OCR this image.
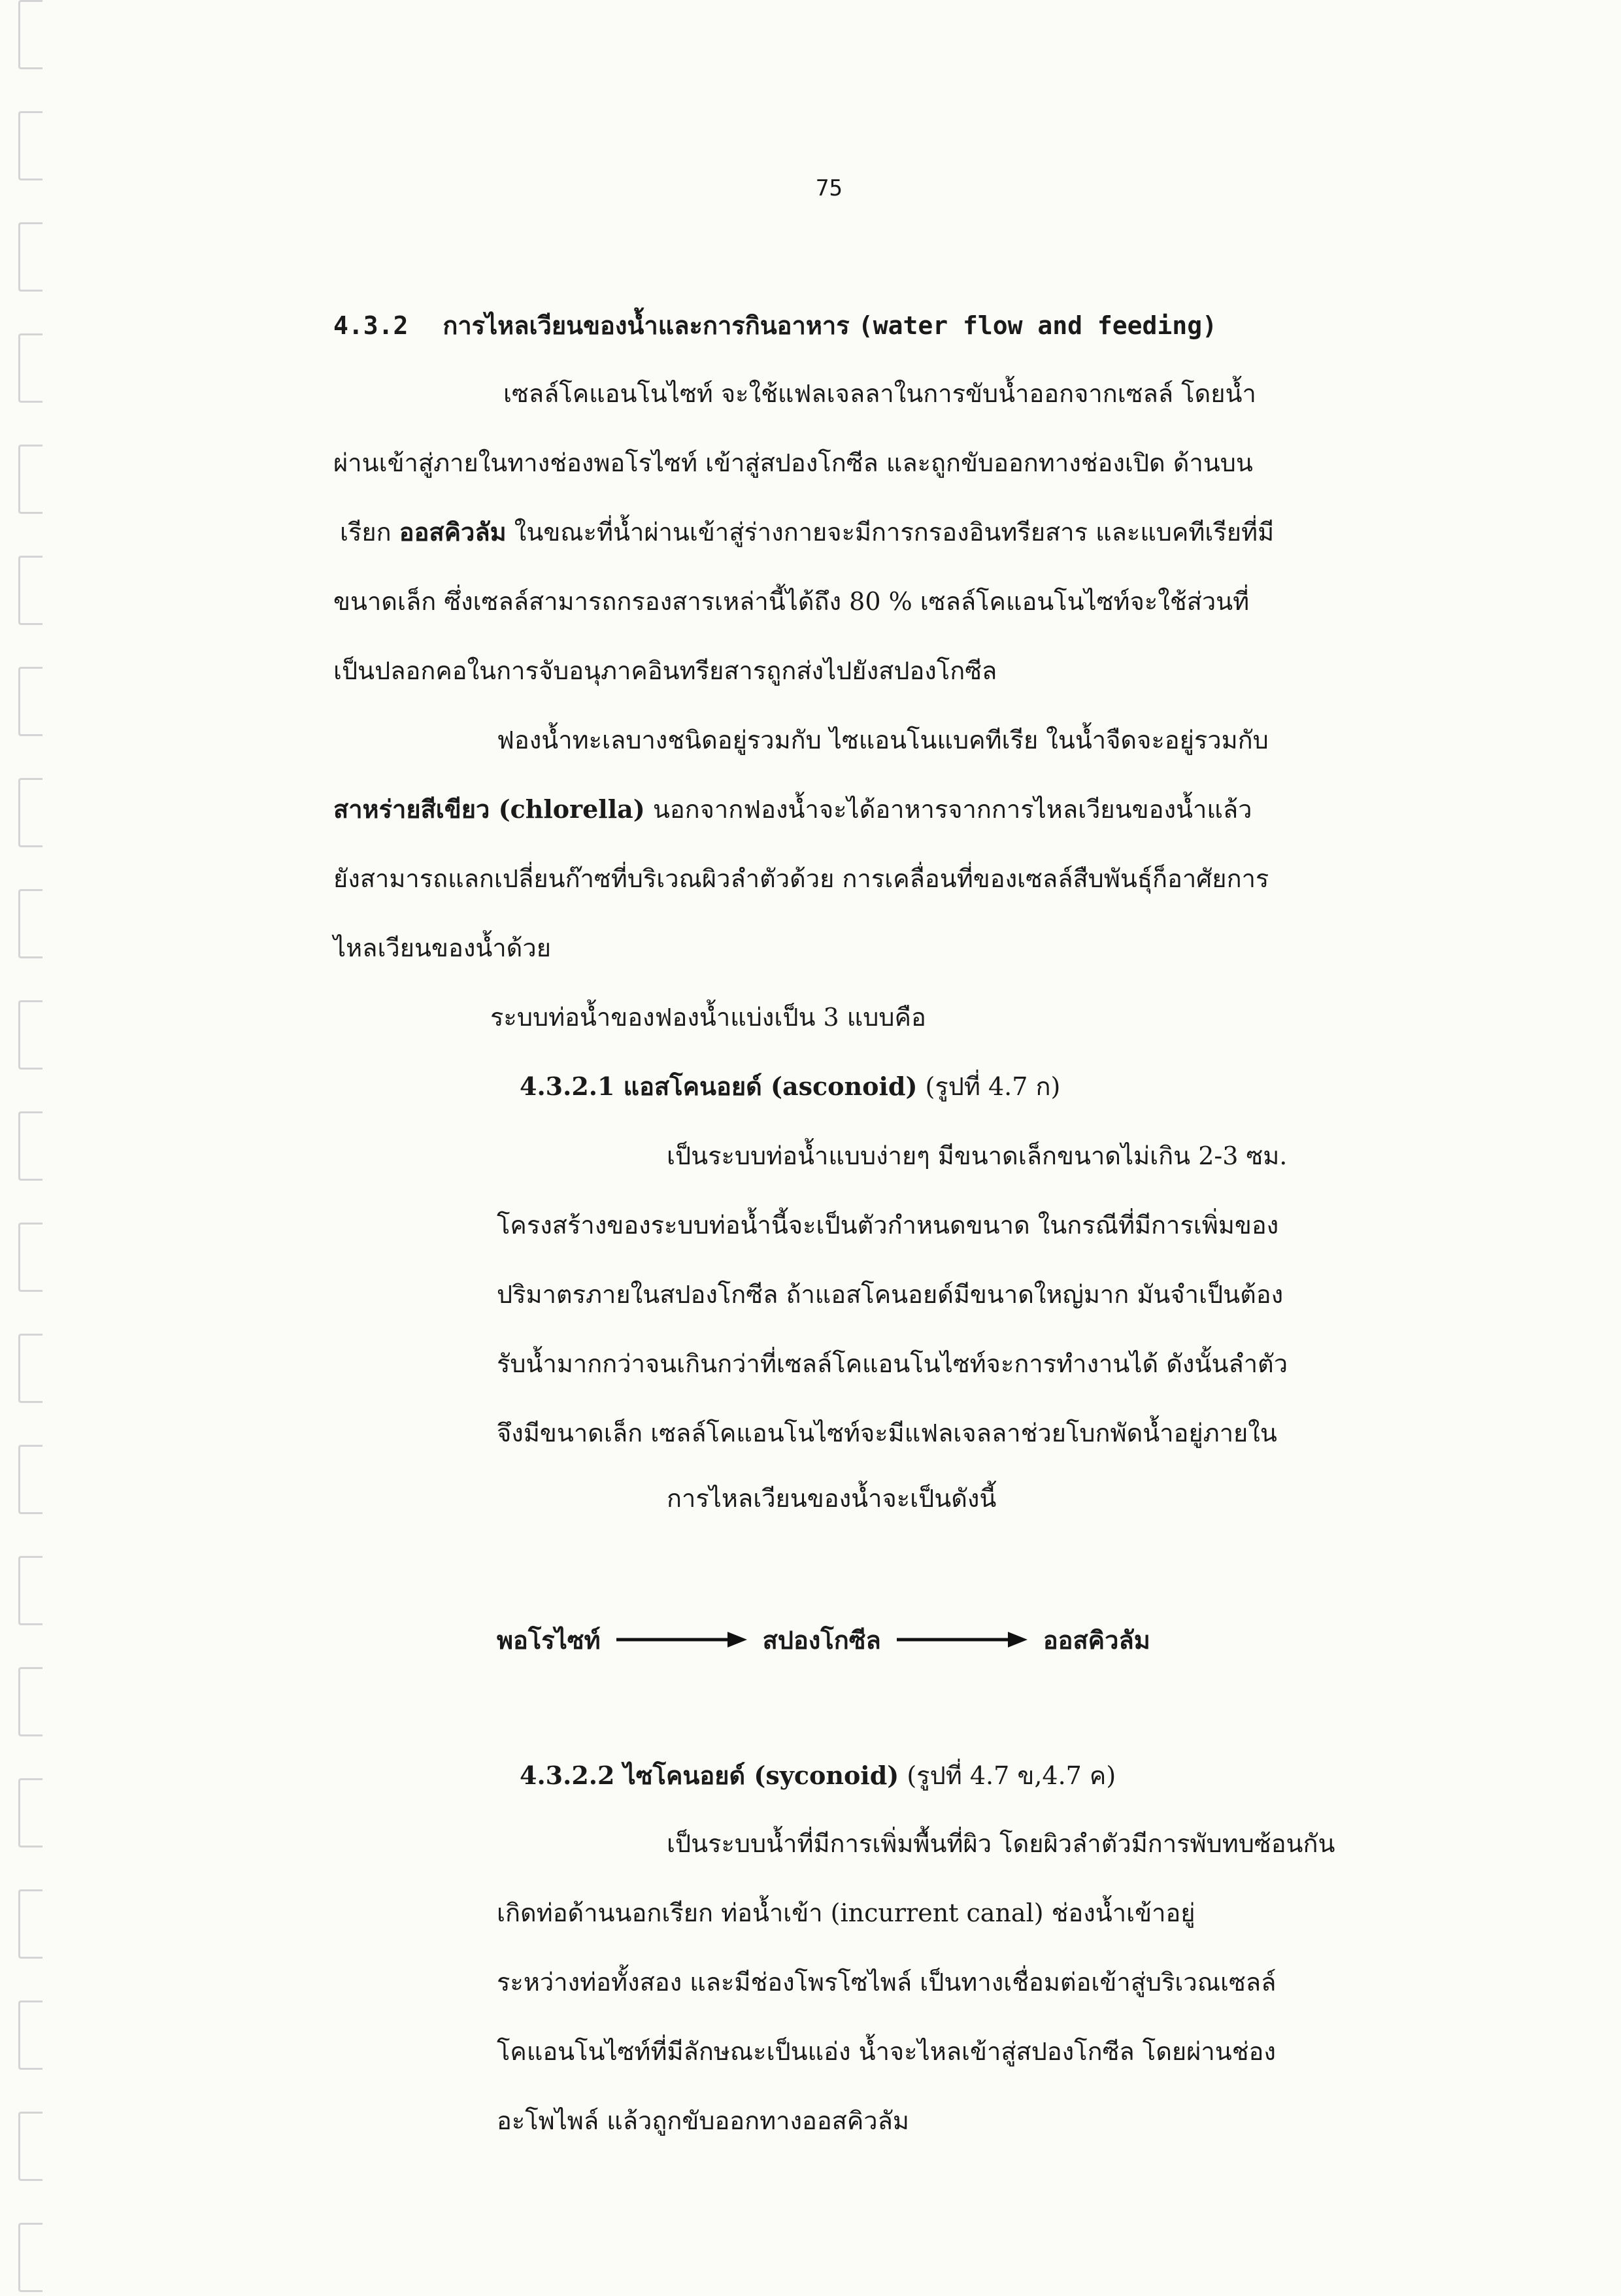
75
4.3.2 การไหลเวียนของน้ำและการกินอาหาร (water flow and feeding)
เซลล์โคแอนโนไซท์ จะใช้แฟลเจลลาในการขับน้ำออกจากเซลล์ โดยน้ำ
ผ่านเข้าสู่ภายในทางช่องพอโรไซท์ เข้าสู่สปองโกซีล และถูกขับออกทางช่องเปิด ด้านบน
เรียก ออสคิวลัม ในขณะที่น้ำผ่านเข้าสู่ร่างกายจะมีการกรองอินทรียสาร และแบคทีเรียที่มี
ขนาดเล็ก ซึ่งเซลล์สามารถกรองสารเหล่านี้ได้ถึง 80 % เซลล์โคแอนโนไซท์จะใช้ส่วนที่
เป็นปลอกคอในการจับอนุภาคอินทรียสารถูกส่งไปยังสปองโกซีล
ฟองน้ำทะเลบางชนิดอยู่รวมกับ ไซแอนโนแบคทีเรีย ในน้ำจืดจะอยู่รวมกับ
สาหร่ายสีเขียว (chlorella) นอกจากฟองน้ำจะได้อาหารจากการไหลเวียนของน้ำแล้ว
ยังสามารถแลกเปลี่ยนก๊าซที่บริเวณผิวลำตัวด้วย การเคลื่อนที่ของเซลล์สืบพันธุ์ก็อาศัยการ
ไหลเวียนของน้ำด้วย
ระบบท่อน้ำของฟองน้ำแบ่งเป็น 3 แบบคือ
4.3.2.1 แอสโคนอยด์ (asconoid) (รูปที่ 4.7 ก)
เป็นระบบท่อน้ำแบบง่ายๆ มีขนาดเล็กขนาดไม่เกิน 2-3 ซม.
โครงสร้างของระบบท่อน้ำนี้จะเป็นตัวกำหนดขนาด ในกรณีที่มีการเพิ่มของ
ปริมาตรภายในสปองโกซีล ถ้าแอสโคนอยด์มีขนาดใหญ่มาก มันจำเป็นต้อง
รับน้ำมากกว่าจนเกินกว่าที่เซลล์โคแอนโนไซท์จะการทำงานได้ ดังนั้นลำตัว
จึงมีขนาดเล็ก เซลล์โคแอนโนไซท์จะมีแฟลเจลลาช่วยโบกพัดน้ำอยู่ภายใน
การไหลเวียนของน้ำจะเป็นดังนี้
พอโรไซท์	สปองโกซีล	ออสคิวลัม
4.3.2.2 ไซโคนอยด์ (syconoid) (รูปที่ 4.7 ข,4.7 ค)
เป็นระบบน้ำที่มีการเพิ่มพื้นที่ผิว โดยผิวลำตัวมีการพับทบซ้อนกัน
เกิดท่อด้านนอกเรียก ท่อน้ำเข้า (incurrent canal) ช่องน้ำเข้าอยู่
ระหว่างท่อทั้งสอง และมีช่องโพรโซไพล์ เป็นทางเชื่อมต่อเข้าสู่บริเวณเซลล์
โคแอนโนไซท์ที่มีลักษณะเป็นแอ่ง น้ำจะไหลเข้าสู่สปองโกซีล โดยผ่านช่อง
อะโพไพล์ แล้วถูกขับออกทางออสคิวลัม
